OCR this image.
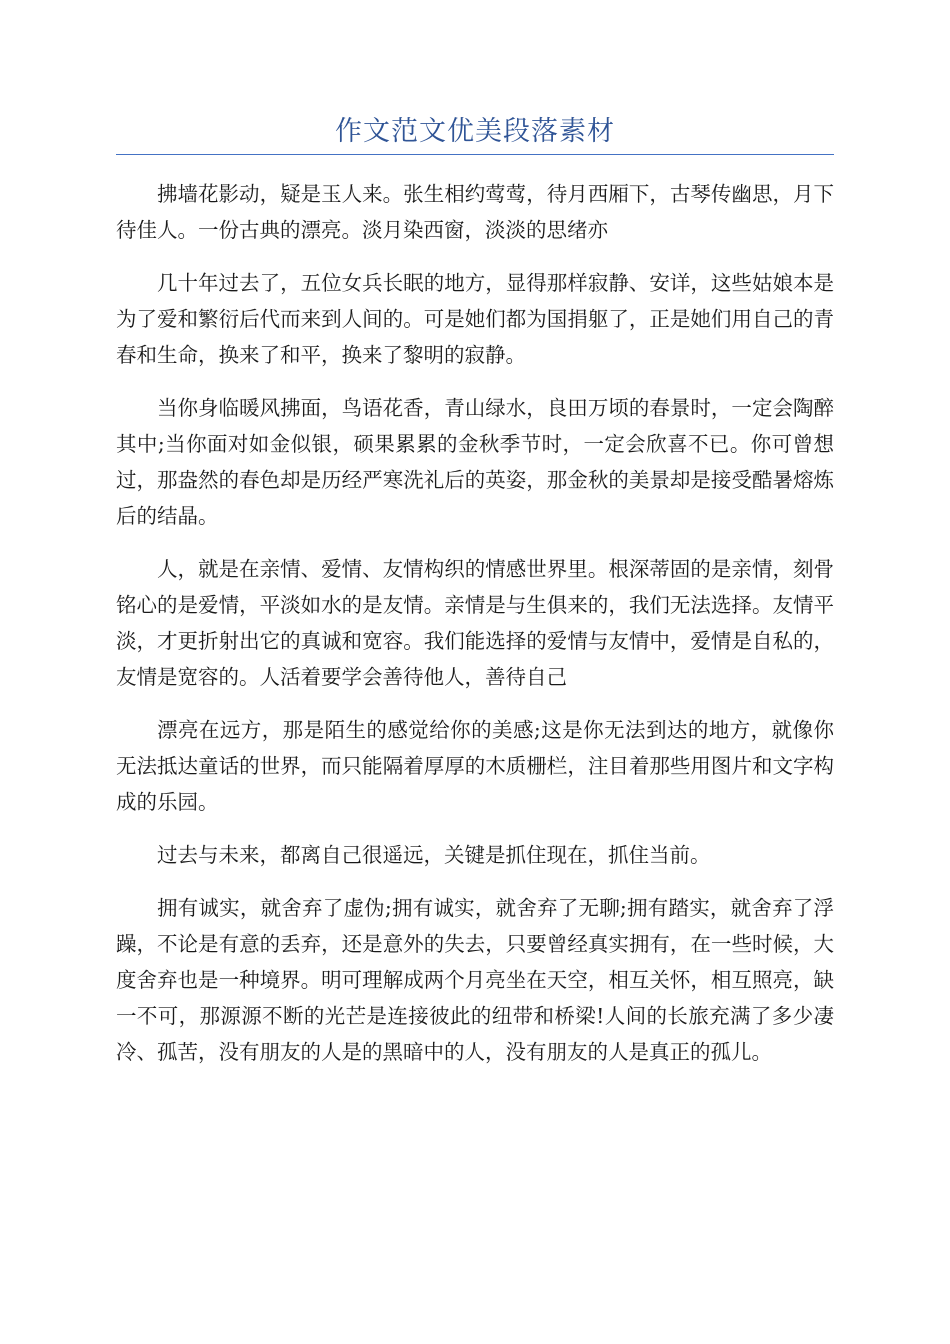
作文范文优美段落素材

拂墙花影动，疑是玉人来。张生相约莺莺，待月西厢下，古琴传幽思，月下待佳人。一份古典的漂亮。淡月染西窗，淡淡的思绪亦

几十年过去了，五位女兵长眠的地方，显得那样寂静、安详，这些姑娘本是为了爱和繁衍后代而来到人间的。可是她们都为国捐躯了，正是她们用自己的青春和生命，换来了和平，换来了黎明的寂静。

当你身临暖风拂面，鸟语花香，青山绿水，良田万顷的春景时，一定会陶醉其中;当你面对如金似银，硕果累累的金秋季节时，一定会欣喜不已。你可曾想过，那盎然的春色却是历经严寒洗礼后的英姿，那金秋的美景却是接受酷暑熔炼后的结晶。

人，就是在亲情、爱情、友情构织的情感世界里。根深蒂固的是亲情，刻骨铭心的是爱情，平淡如水的是友情。亲情是与生俱来的，我们无法选择。友情平淡，才更折射出它的真诚和宽容。我们能选择的爱情与友情中，爱情是自私的，友情是宽容的。人活着要学会善待他人，善待自己

漂亮在远方，那是陌生的感觉给你的美感;这是你无法到达的地方，就像你无法抵达童话的世界，而只能隔着厚厚的木质栅栏，注目着那些用图片和文字构成的乐园。

过去与未来，都离自己很遥远，关键是抓住现在，抓住当前。

拥有诚实，就舍弃了虚伪;拥有诚实，就舍弃了无聊;拥有踏实，就舍弃了浮躁，不论是有意的丢弃，还是意外的失去，只要曾经真实拥有，在一些时候，大度舍弃也是一种境界。明可理解成两个月亮坐在天空，相互关怀，相互照亮，缺一不可，那源源不断的光芒是连接彼此的纽带和桥梁!人间的长旅充满了多少凄冷、孤苦，没有朋友的人是的黑暗中的人，没有朋友的人是真正的孤儿。
